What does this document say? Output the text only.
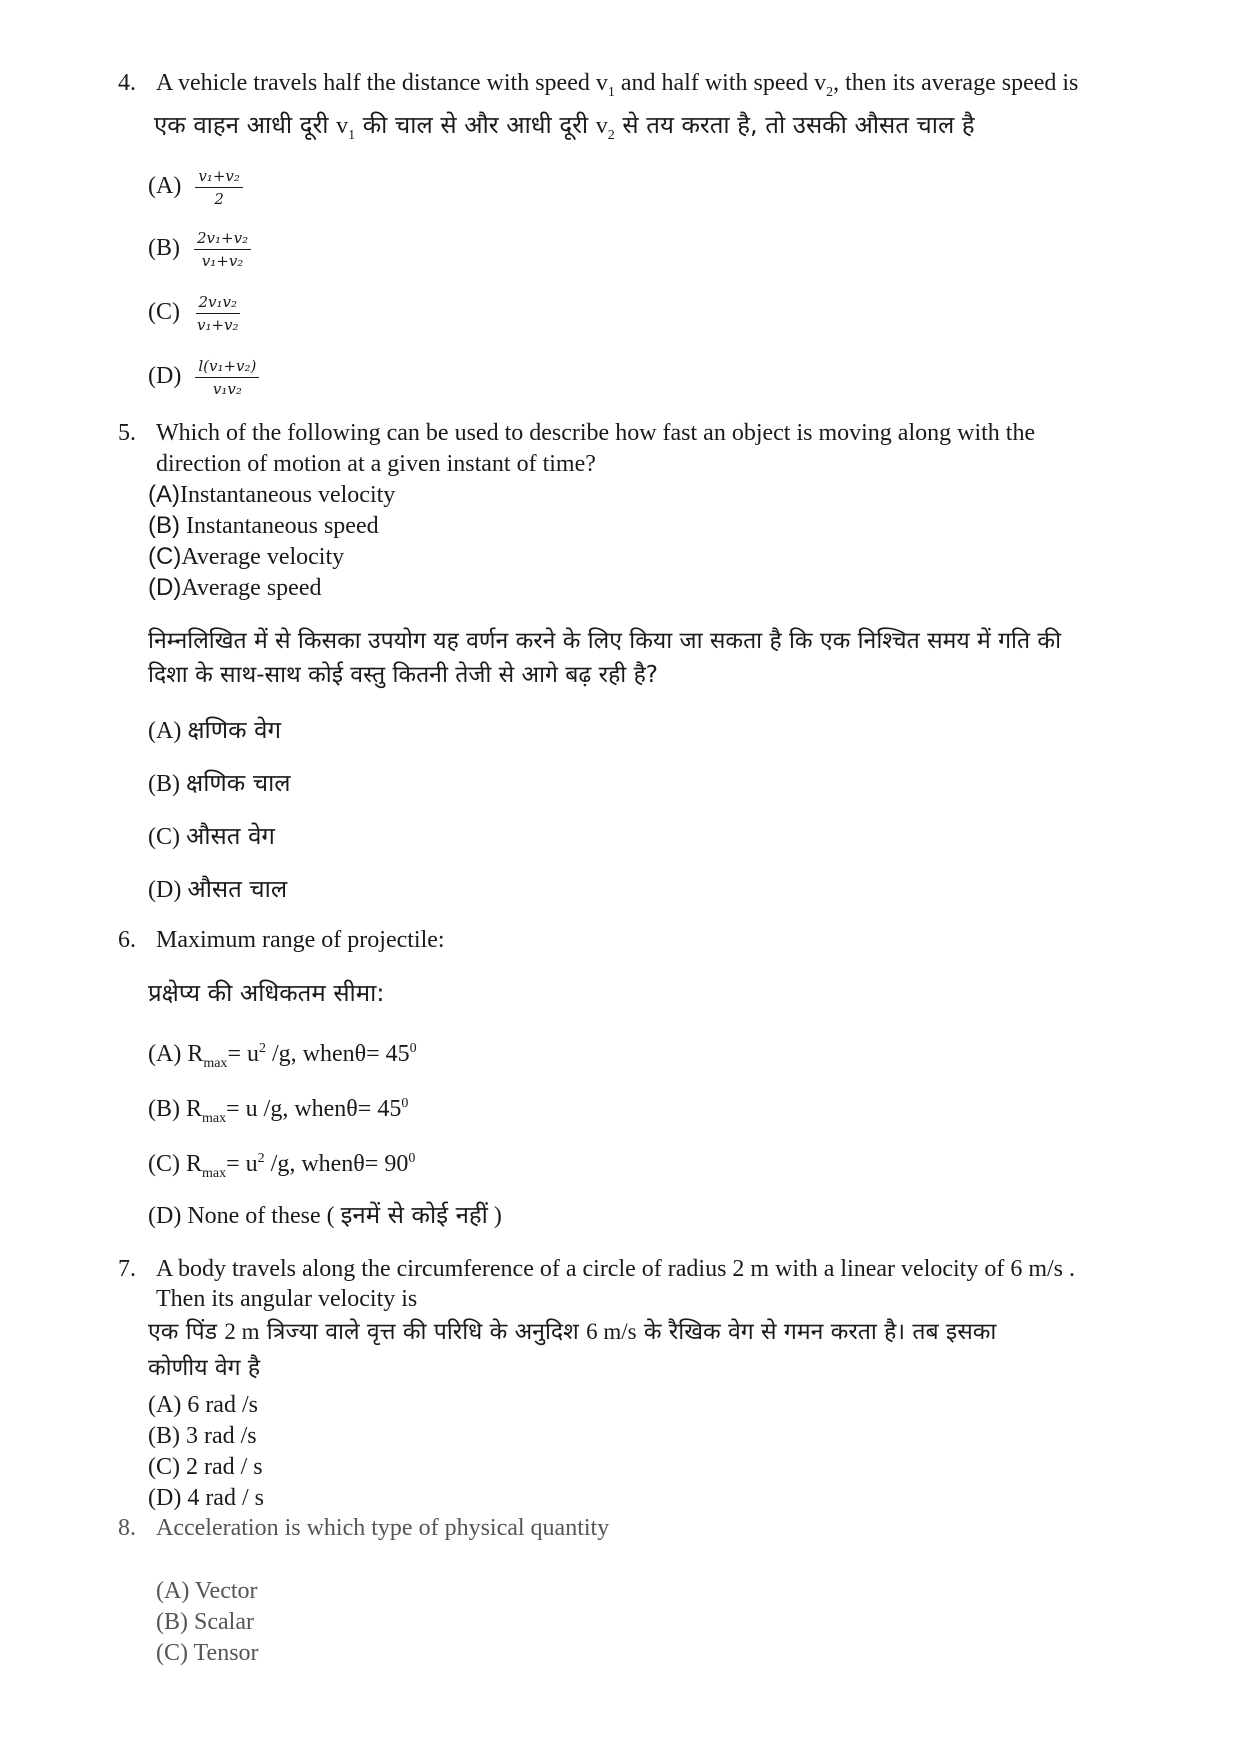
4. A vehicle travels half the distance with speed $v_1$ and half with speed $v_2$, then its average speed is
एक वाहन आधी दूरी $v_1$ की चाल से और आधी दूरी $v_2$ से तय करता है, तो उसकी औसत चाल है
$(A) \frac{\text{v₁+v₂}}{2}$
$(B) \frac{\text{2v₁+v₂}}{\text{v₁+v₂}}$
$(C) \frac{\text{2v₁v₂}}{\text{v₁+v₂}}$
$(D) \frac{\text{l(v₁+v₂)}}{\text{v₁v₂}}$
5. Which of the following can be used to describe how fast an object is moving along with the
direction of motion at a given instant of time?
(A)Instantaneous velocity
(B) Instantaneous speed
(C)Average velocity
(D)Average speed
निम्नलिखित में से किसका उपयोग यह वर्णन करने के लिए किया जा सकता है कि एक निश्चित समय में गति की
दिशा के साथ-साथ कोई वस्तु कितनी तेजी से आगे बढ़ रही है?
(A) क्षणिक वेग
(B) क्षणिक चाल
(C) औसत वेग
(D) औसत चाल
6. Maximum range of projectile:
प्रक्षेप्य की अधिकतम सीमा:
(A) $R_{max}= u^2$ /g, whenθ= $45^0$
(B) $R_{max}= u$ /g, whenθ= $45^0$
(C) $R_{max}= u^2$ /g, whenθ= $90^0$
(D) None of these ( इनमें से कोई नहीं )
7. A body travels along the circumference of a circle of radius 2 m with a linear velocity of 6 m/s .
Then its angular velocity is
एक पिंड 2 m त्रिज्या वाले वृत्त की परिधि के अनुदिश 6 m/s के रैखिक वेग से गमन करता है। तब इसका
कोणीय वेग है
(A) 6 rad /s
(B) 3 rad /s
(C) 2 rad / s
(D) 4 rad / s
8. Acceleration is which type of physical quantity
(A) Vector
(B) Scalar
(C) Tensor
